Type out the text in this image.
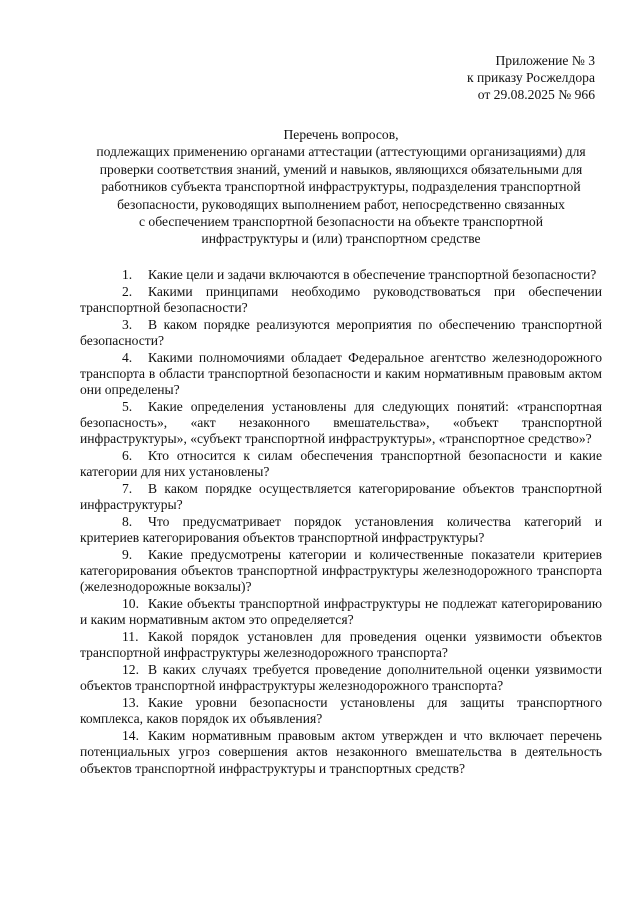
Приложение № 3
к приказу Росжелдора
от 29.08.2025 № 966
Перечень вопросов,
подлежащих применению органами аттестации (аттестующими организациями) для
проверки соответствия знаний, умений и навыков, являющихся обязательными для
работников субъекта транспортной инфраструктуры, подразделения транспортной
безопасности, руководящих выполнением работ, непосредственно связанных
с обеспечением транспортной безопасности на объекте транспортной
инфраструктуры и (или) транспортном средстве

1. Какие цели и задачи включаются в обеспечение транспортной безопасности?

2. Какими принципами необходимо руководствоваться при обеспечении транспортной безопасности?

3. В каком порядке реализуются мероприятия по обеспечению транспортной безопасности?

4. Какими полномочиями обладает Федеральное агентство железнодорожного транспорта в области транспортной безопасности и каким нормативным правовым актом они определены?

5. Какие определения установлены для следующих понятий: «транспортная безопасность», «акт незаконного вмешательства», «объект транспортной инфраструктуры», «субъект транспортной инфраструктуры», «транспортное средство»?

6. Кто относится к силам обеспечения транспортной безопасности и какие категории для них установлены?

7. В каком порядке осуществляется категорирование объектов транспортной инфраструктуры?

8. Что предусматривает порядок установления количества категорий и критериев категорирования объектов транспортной инфраструктуры?

9. Какие предусмотрены категории и количественные показатели критериев категорирования объектов транспортной инфраструктуры железнодорожного транспорта (железнодорожные вокзалы)?

10. Какие объекты транспортной инфраструктуры не подлежат категорированию и каким нормативным актом это определяется?

11. Какой порядок установлен для проведения оценки уязвимости объектов транспортной инфраструктуры железнодорожного транспорта?

12. В каких случаях требуется проведение дополнительной оценки уязвимости объектов транспортной инфраструктуры железнодорожного транспорта?

13. Какие уровни безопасности установлены для защиты транспортного комплекса, каков порядок их объявления?

14. Каким нормативным правовым актом утвержден и что включает перечень потенциальных угроз совершения актов незаконного вмешательства в деятельность объектов транспортной инфраструктуры и транспортных средств?
